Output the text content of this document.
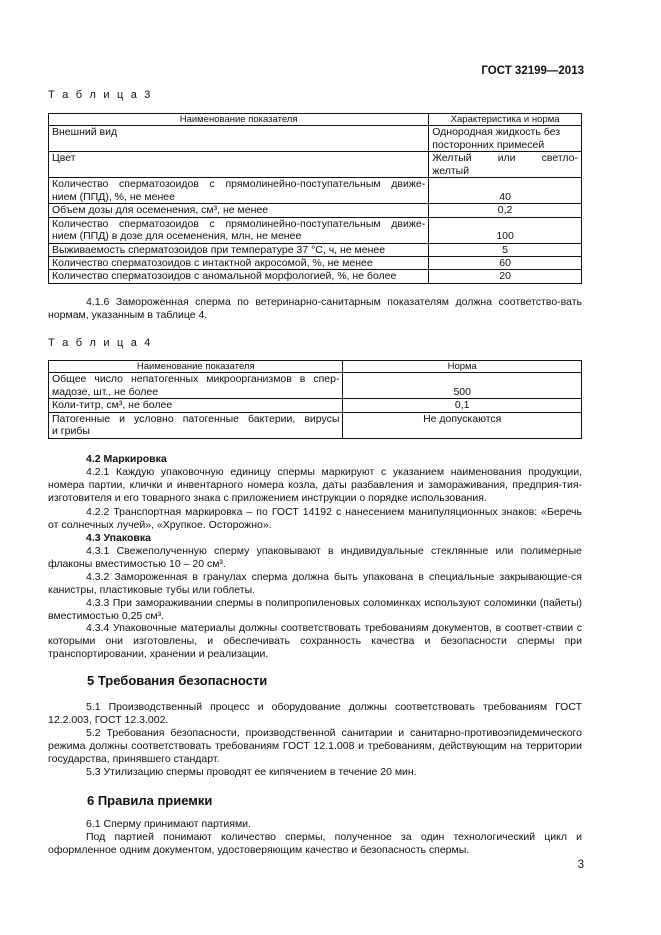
ГОСТ 32199—2013
Т а б л и ц а 3
Наименование показателя	Характеристика и норма
Внешний вид	Однородная жидкость без посторонних примесей
Цвет	Желтый или светло-
желтый

Количество сперматозоидов с прямолинейно-поступательным движе-
нием (ППД), %, не менее	40
Объем дозы для осеменения, см³, не менее	0,2

Количество сперматозоидов с прямолинейно-поступательным движе-
нием (ППД) в дозе для осеменения, млн, не менее	100
Выживаемость сперматозоидов при температуре 37 °С, ч, не менее	5
Количество сперматозоидов с интактной акросомой, %, не менее	60
Количество сперматозоидов с аномальной морфологией, %, не более	20
4.1.6 Замороженная сперма по ветеринарно-санитарным показателям должна соответство-вать нормам, указанным в таблице 4.
Т а б л и ц а 4
Наименование показателя	Норма

Общее число непатогенных микроорганизмов в спер-
мадозе, шт., не более	500
Коли-титр, см³, не более	0,1

Патогенные и условно патогенные бактерии, вирусы
и грибы	Не допускаются
4.2 Маркировка
4.2.1 Каждую упаковочную единицу спермы маркируют с указанием наименования продукции, номера партии, клички и инвентарного номера козла, даты разбавления и замораживания, предприя-тия-изготовителя и его товарного знака с приложением инструкции о порядке использования.
4.2.2 Транспортная маркировка – по ГОСТ 14192 с нанесением манипуляционных знаков: «Беречь от солнечных лучей», «Хрупкое. Осторожно».
4.3 Упаковка
4.3.1 Свежеполученную сперму упаковывают в индивидуальные стеклянные или полимерные флаконы вместимостью 10 – 20 см³.
4.3.2 Замороженная в гранулах сперма должна быть упакована в специальные закрывающие-ся канистры, пластиковые тубы или гоблеты.
4.3.3 При замораживании спермы в полипропиленовых соломинках используют соломинки (пайеты) вместимостью 0,25 см³.
4.3.4 Упаковочные материалы должны соответствовать требованиям документов, в соответ-ствии с которыми они изготовлены, и обеспечивать сохранность качества и безопасности спермы при транспортировании, хранении и реализации.
5 Требования безопасности
5.1 Производственный процесс и оборудование должны соответствовать требованиям ГОСТ 12.2.003, ГОСТ 12.3.002.
5.2 Требования безопасности, производственной санитарии и санитарно-противоэпидемического режима должны соответствовать требованиям ГОСТ 12.1.008 и требованиям, действующим на территории государства, принявшего стандарт.
5.3 Утилизацию спермы проводят ее кипячением в течение 20 мин.
6 Правила приемки
6.1 Сперму принимают партиями.
Под партией понимают количество спермы, полученное за один технологический цикл и оформленное одним документом, удостоверяющим качество и безопасность спермы.
3
